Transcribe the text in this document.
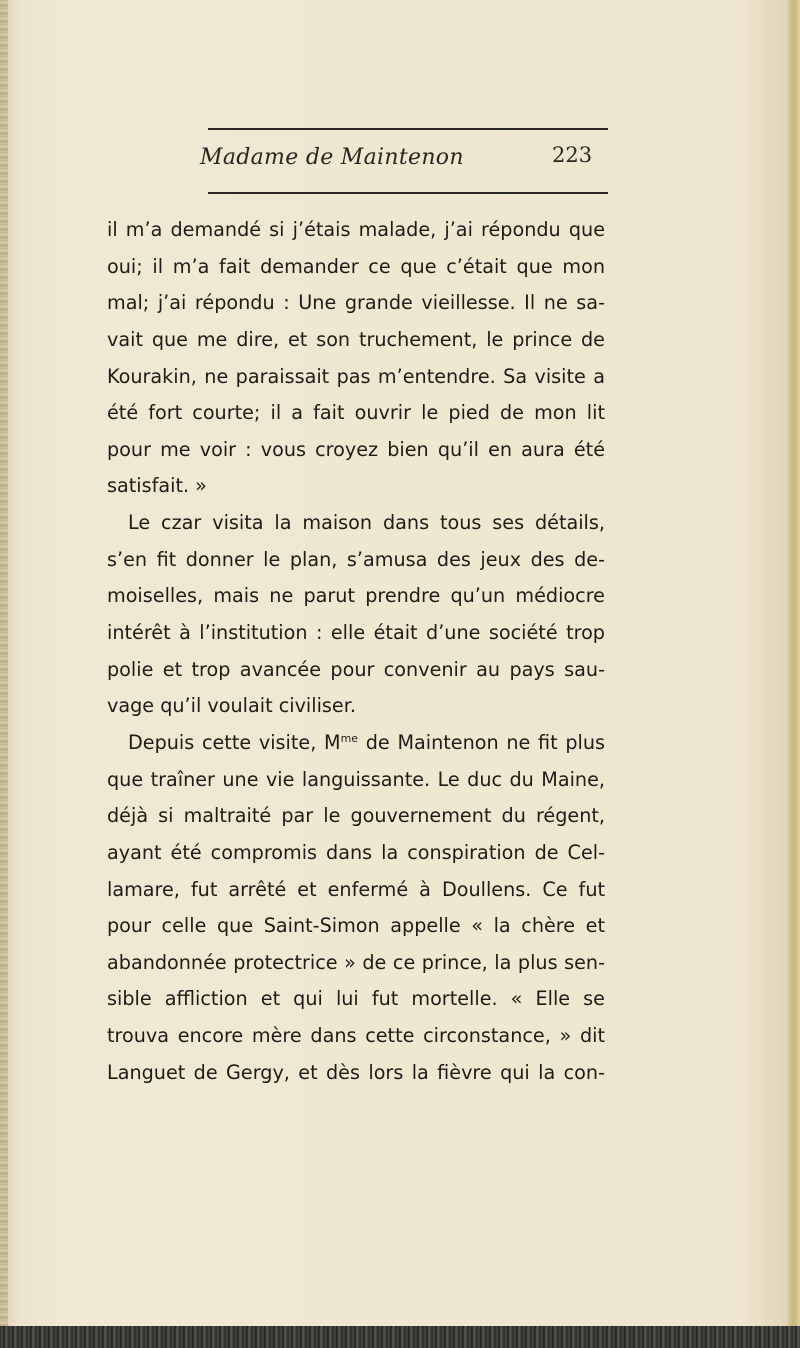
Madame de Maintenon	223
il m’a demandé si j’étais malade, j’ai répondu que
oui; il m’a fait demander ce que c’était que mon
mal; j’ai répondu : Une grande vieillesse. Il ne sa-
vait que me dire, et son truchement, le prince de
Kourakin, ne paraissait pas m’entendre. Sa visite a
été fort courte; il a fait ouvrir le pied de mon lit
pour me voir : vous croyez bien qu’il en aura été
satisfait. »
Le czar visita la maison dans tous ses détails,
s’en fit donner le plan, s’amusa des jeux des de-
moiselles, mais ne parut prendre qu’un médiocre
intérêt à l’institution : elle était d’une société trop
polie et trop avancée pour convenir au pays sau-
vage qu’il voulait civiliser.
Depuis cette visite, $M^{me}$ de Maintenon ne fit plus
que traîner une vie languissante. Le duc du Maine,
déjà si maltraité par le gouvernement du régent,
ayant été compromis dans la conspiration de Cel-
lamare, fut arrêté et enfermé à Doullens. Ce fut
pour celle que Saint-Simon appelle « la chère et
abandonnée protectrice » de ce prince, la plus sen-
sible affliction et qui lui fut mortelle. « Elle se
trouva encore mère dans cette circonstance, » dit
Languet de Gergy, et dès lors la fièvre qui la con-
